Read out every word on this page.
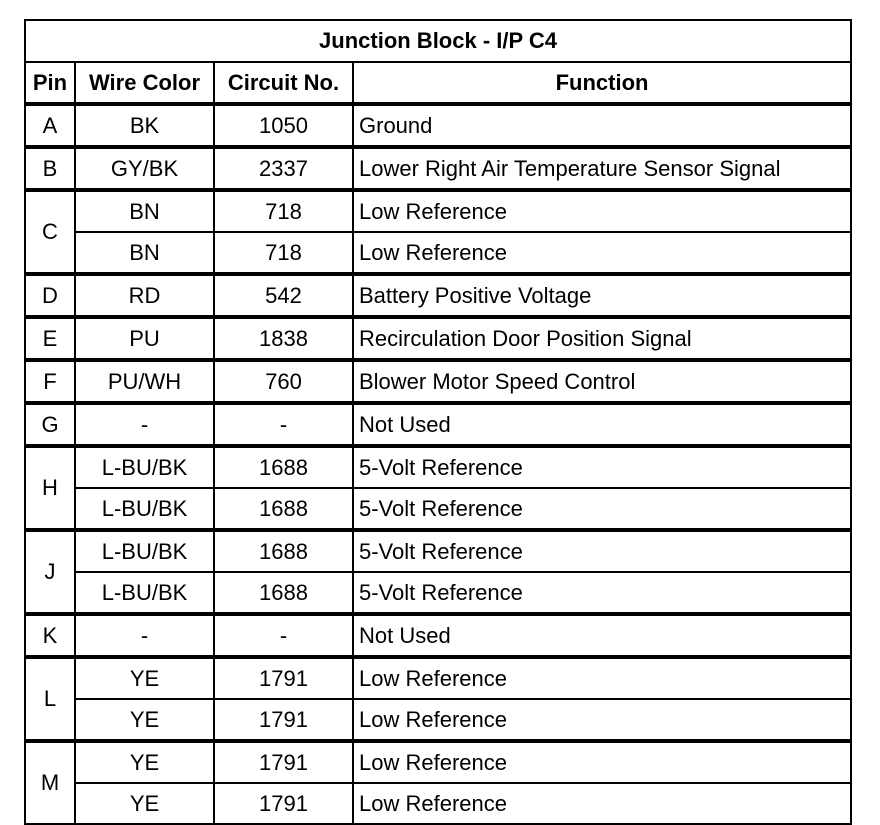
Junction Block - I/P C4			
Pin	Wire Color	Circuit No.	Function
A	BK	1050	Ground
B	GY/BK	2337	Lower Right Air Temperature Sensor Signal
C	BN	718	Low Reference
	BN	718	Low Reference
D	RD	542	Battery Positive Voltage
E	PU	1838	Recirculation Door Position Signal
F	PU/WH	760	Blower Motor Speed Control
G	-	-	Not Used
H	L-BU/BK	1688	5-Volt Reference
	L-BU/BK	1688	5-Volt Reference
J	L-BU/BK	1688	5-Volt Reference
	L-BU/BK	1688	5-Volt Reference
K	-	-	Not Used
L	YE	1791	Low Reference
	YE	1791	Low Reference
M	YE	1791	Low Reference
	YE	1791	Low Reference
